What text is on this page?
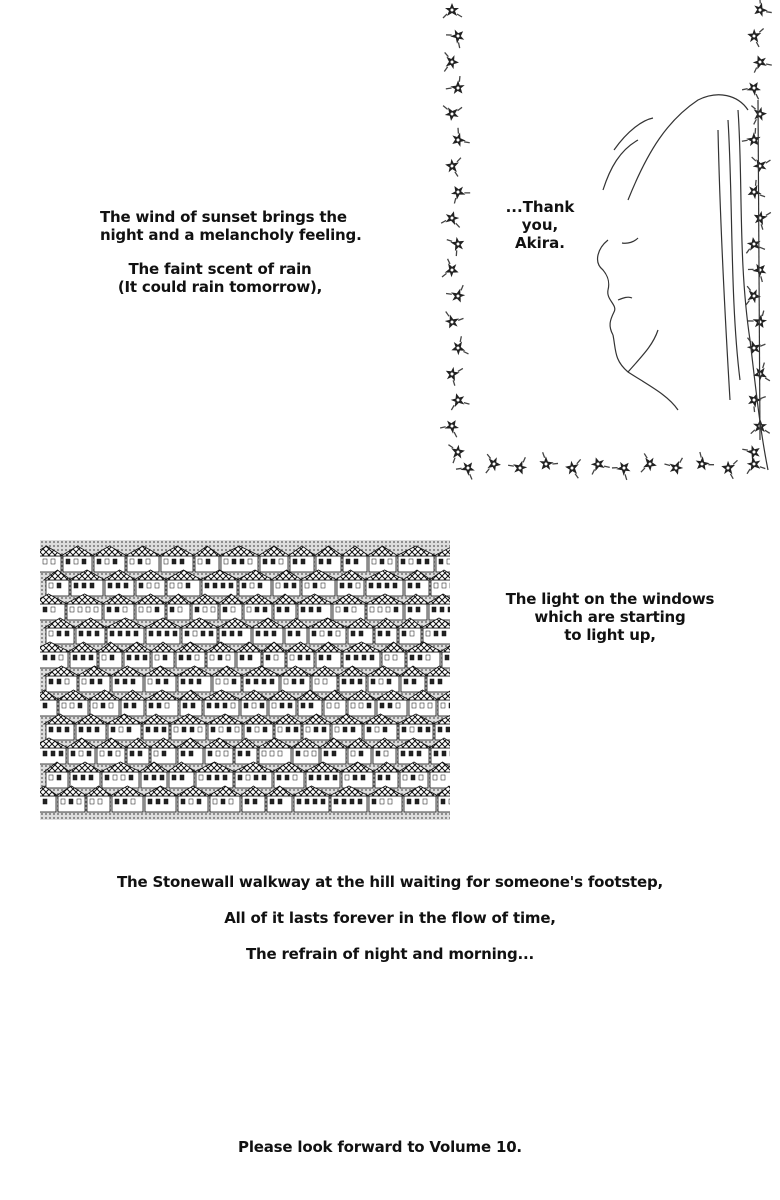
The wind of sunset brings the
night and a melancholy feeling.
The faint scent of rain
(It could rain tomorrow),
...Thank
you,
Akira.
The light on the windows
which are starting
to light up,
The Stonewall walkway at the hill waiting for someone's footstep,
All of it lasts forever in the flow of time,
The refrain of night and morning...
Please look forward to Volume 10.
